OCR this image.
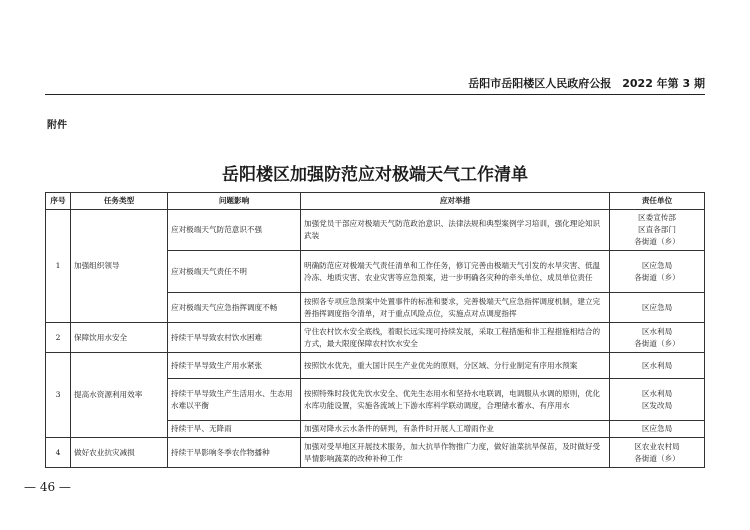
岳阳市岳阳楼区人民政府公报　2022 年第 3 期
附件
岳阳楼区加强防范应对极端天气工作清单
序号	任务类型	问题影响	应对举措	责任单位
1	加强组织领导	应对极端天气防范意识不强	加强党员干部应对极端天气防范政治意识、法律法规和典型案例学习培训，强化理论知识武装	区委宣传部
区直各部门
各街道（乡）
		应对极端天气责任不明	明确防范应对极端天气责任清单和工作任务，修订完善由极端天气引发的水旱灾害、低温冷冻、地质灾害、农业灾害等应急预案，进一步明确各灾种的牵头单位、成员单位责任	区应急局
各街道（乡）
		应对极端天气应急指挥调度不畅	按照各专项应急预案中处置事件的标准和要求，完善极端天气应急指挥调度机制，建立完善指挥调度指令清单，对于重点风险点位，实施点对点调度指挥	区应急局
2	保障饮用水安全	持续干旱导致农村饮水困难	守住农村饮水安全底线，着眼长远实现可持续发展，采取工程措施和非工程措施相结合的方式，最大限度保障农村饮水安全	区水利局
各街道（乡）
3	提高水资源利用效率	持续干旱导致生产用水紧张	按照饮水优先，重大国计民生产业优先的原则，分区域、分行业制定有序用水预案	区水利局
		持续干旱导致生产生活用水、生态用水难以平衡	按照特殊时段优先饮水安全、优先生态用水和坚持水电联调，电调服从水调的原则，优化水库功能设置，实施各流域上下游水库科学联动调度，合理储水蓄水、有序用水	区水利局
区发改局
		持续干旱、无降雨	加强对降水云水条件的研判，有条件时开展人工增雨作业	区应急局
4	做好农业抗灾减损	持续干旱影响冬季农作物播种	加强对受旱地区开展技术服务，加大抗旱作物推广力度，做好油菜抗旱保苗，及时做好受旱情影响蔬菜的改种补种工作	区农业农村局
各街道（乡）
— 46 —
